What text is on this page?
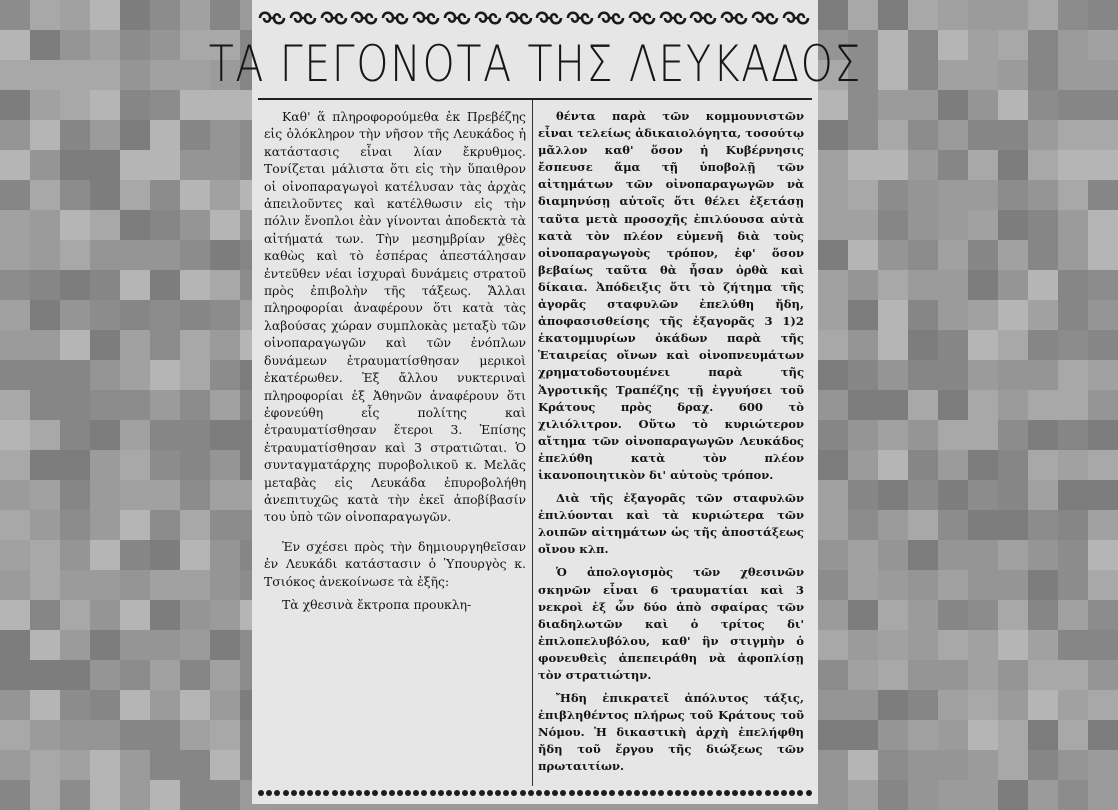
ΤΑ ΓΕΓΟΝΟΤΑ ΤΗΣ ΛΕΥΚΑΔΟΣ

Καθ' ἅ πληροφορούμεθα ἐκ Πρεβέζης εἰς ὁλόκληρον τὴν νῆσον τῆς Λευκάδος ἡ κατάστασις εἶναι λίαν ἔκρυθμος. Τονίζεται μάλιστα ὅτι εἰς τὴν ὕπαιθρον οἱ οἰνοπαραγωγοὶ κατέλυσαν τὰς ἀρχὰς ἀπειλοῦντες καὶ κατέλθωσιν εἰς τὴν πόλιν ἔνοπλοι ἐὰν γίνονται ἀποδεκτὰ τὰ αἰτήματά των. Τὴν μεσημβρίαν χθὲς καθὼς καὶ τὸ ἑσπέρας ἀπεστάλησαν ἐντεῦθεν νέαι ἰσχυραὶ δυνάμεις στρατοῦ πρὸς ἐπιβολὴν τῆς τάξεως. Ἄλλαι πληροφορίαι ἀναφέρουν ὅτι κατὰ τὰς λαβούσας χώραν συμπλοκὰς μεταξὺ τῶν οἰνοπαραγωγῶν καὶ τῶν ἐνόπλων δυνάμεων ἐτραυματίσθησαν μερικοὶ ἑκατέρωθεν. Ἐξ ἄλλου νυκτεριναὶ πληροφορίαι ἐξ Ἀθηνῶν ἀναφέρουν ὅτι ἐφονεύθη εἷς πολίτης καὶ ἐτραυματίσθησαν ἕτεροι 3. Ἐπίσης ἐτραυματίσθησαν καὶ 3 στρατιῶται. Ὁ συνταγματάρχης πυροβολικοῦ κ. Μελᾶς μεταβὰς εἰς Λευκάδα ἐπυροβολήθη ἀνεπιτυχῶς κατὰ τὴν ἐκεῖ ἀποβίβασίν του ὑπὸ τῶν οἰνοπαραγωγῶν.

Ἐν σχέσει πρὸς τὴν δημιουργηθεῖσαν ἐν Λευκάδι κατάστασιν ὁ Ὑπουργὸς κ. Τσιόκος ἀνεκοίνωσε τὰ ἑξῆς:

Τὰ χθεσινὰ ἔκτροπα προυκλη-

θέντα παρὰ τῶν κομμουνιστῶν εἶναι τελείως ἀδικαιολόγητα, τοσούτῳ μᾶλλον καθ' ὅσον ἡ Κυβέρνησις ἔσπευσε ἅμα τῇ ὑποβολῇ τῶν αἰτημάτων τῶν οἰνοπαραγωγῶν νὰ διαμηνύσῃ αὐτοῖς ὅτι θέλει ἐξετάσῃ ταῦτα μετὰ προσοχῆς ἐπιλύουσα αὐτὰ κατὰ τὸν πλέον εὐμενῆ διὰ τοὺς οἰνοπαραγωγοὺς τρόπον, ἐφ' ὅσον βεβαίως ταῦτα θὰ ἦσαν ὀρθὰ καὶ δίκαια. Ἀπόδειξις ὅτι τὸ ζήτημα τῆς ἀγορᾶς σταφυλῶν ἐπελύθη ἤδη, ἀποφασισθείσης τῆς ἐξαγορᾶς 3 1)2 ἑκατομμυρίων ὀκάδων παρὰ τῆς Ἑταιρείας οἴνων καὶ οἰνοπνευμάτων χρηματοδοτουμένει παρὰ τῆς Ἀγροτικῆς Τραπέζης τῇ ἐγγυήσει τοῦ Κράτους πρὸς δραχ. 600 τὸ χιλιόλιτρον. Οὕτω τὸ κυριώτερον αἴτημα τῶν οἰνοπαραγωγῶν Λευκάδος ἐπελύθη κατὰ τὸν πλέον ἱκανοποιητικὸν δι' αὐτοὺς τρόπον.

Διὰ τῆς ἐξαγορᾶς τῶν σταφυλῶν ἐπιλύονται καὶ τὰ κυριώτερα τῶν λοιπῶν αἰτημάτων ὡς τῆς ἀποστάξεως οἴνου κλπ.

Ὁ ἀπολογισμὸς τῶν χθεσινῶν σκηνῶν εἶναι 6 τραυματίαι καὶ 3 νεκροὶ ἐξ ὧν δύο ἀπὸ σφαίρας τῶν διαδηλωτῶν καὶ ὁ τρίτος δι' ἐπιλοπελυβόλου, καθ' ἣν στιγμὴν ὁ φονευθεὶς ἀπεπειράθη νὰ ἀφοπλίσῃ τὸν στρατιώτην.

Ἤδη ἐπικρατεῖ ἀπόλυτος τάξις, ἐπιβληθέντος πλήρως τοῦ Κράτους τοῦ Νόμου. Ἡ δικαστικὴ ἀρχὴ ἐπελήφθη ἤδη τοῦ ἔργου τῆς διώξεως τῶν πρωταιτίων.
